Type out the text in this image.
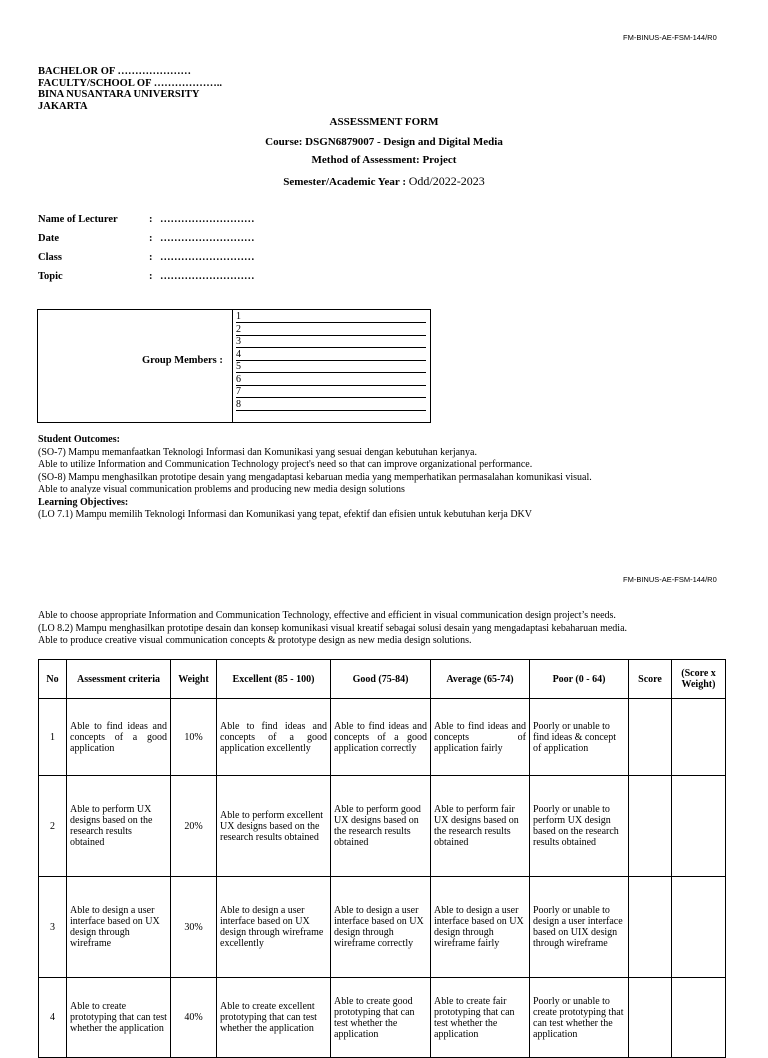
FM-BINUS-AE-FSM-144/R0
BACHELOR OF …………………
FACULTY/SCHOOL OF ………………..
BINA NUSANTARA UNIVERSITY
JAKARTA
ASSESSMENT FORM
Course: DSGN6879007 - Design and Digital Media
Method of Assessment: Project
Semester/Academic Year : Odd/2022-2023
Name of Lecturer	: ………………………
Date	: ………………………
Class	: ………………………
Topic	: ………………………
Group Members :
1
2
3
4
5
6
7
8
Student Outcomes:
(SO-7) Mampu memanfaatkan Teknologi Informasi dan Komunikasi yang sesuai dengan kebutuhan kerjanya.
Able to utilize Information and Communication Technology project's need so that can improve organizational performance.
(SO-8) Mampu menghasilkan prototipe desain yang mengadaptasi kebaruan media yang memperhatikan permasalahan komunikasi visual.
Able to analyze visual communication problems and producing new media design solutions
Learning Objectives:
(LO 7.1) Mampu memilih Teknologi Informasi dan Komunikasi yang tepat, efektif dan efisien untuk kebutuhan kerja DKV
FM-BINUS-AE-FSM-144/R0
Able to choose appropriate Information and Communication Technology, effective and efficient in visual communication design project’s needs.
(LO 8.2) Mampu menghasilkan prototipe desain dan konsep komunikasi visual kreatif sebagai solusi desain yang mengadaptasi kebaharuan media.
Able to produce creative visual communication concepts & prototype design as new media design solutions.
No	Assessment criteria	Weight	Excellent (85 - 100)	Good (75-84)	Average (65-74)	Poor (0 - 64)	Score	(Score x Weight)
1	Able to find ideas and concepts of a good application	10%	Able to find ideas and concepts of a good application excellently	Able to find ideas and concepts of a good application correctly	Able to find ideas and concepts of application fairly	Poorly or unable to find ideas & concept of application		
2	Able to perform UX designs based on the research results obtained	20%	Able to perform excellent UX designs based on the research results obtained	Able to perform good UX designs based on the research results obtained	Able to perform fair UX designs based on the research results obtained	Poorly or unable to perform UX design based on the research results obtained		
3	Able to design a user interface based on UX design through wireframe	30%	Able to design a user interface based on UX design through wireframe excellently	Able to design a user interface based on UX design through wireframe correctly	Able to design a user interface based on UX design through wireframe fairly	Poorly or unable to design a user interface based on UIX design through wireframe		
4	Able to create prototyping that can test whether the application	40%	Able to create excellent prototyping that can test whether the application	Able to create good prototyping that can test whether the application	Able to create fair prototyping that can test whether the application	Poorly or unable to create prototyping that can test whether the application		
